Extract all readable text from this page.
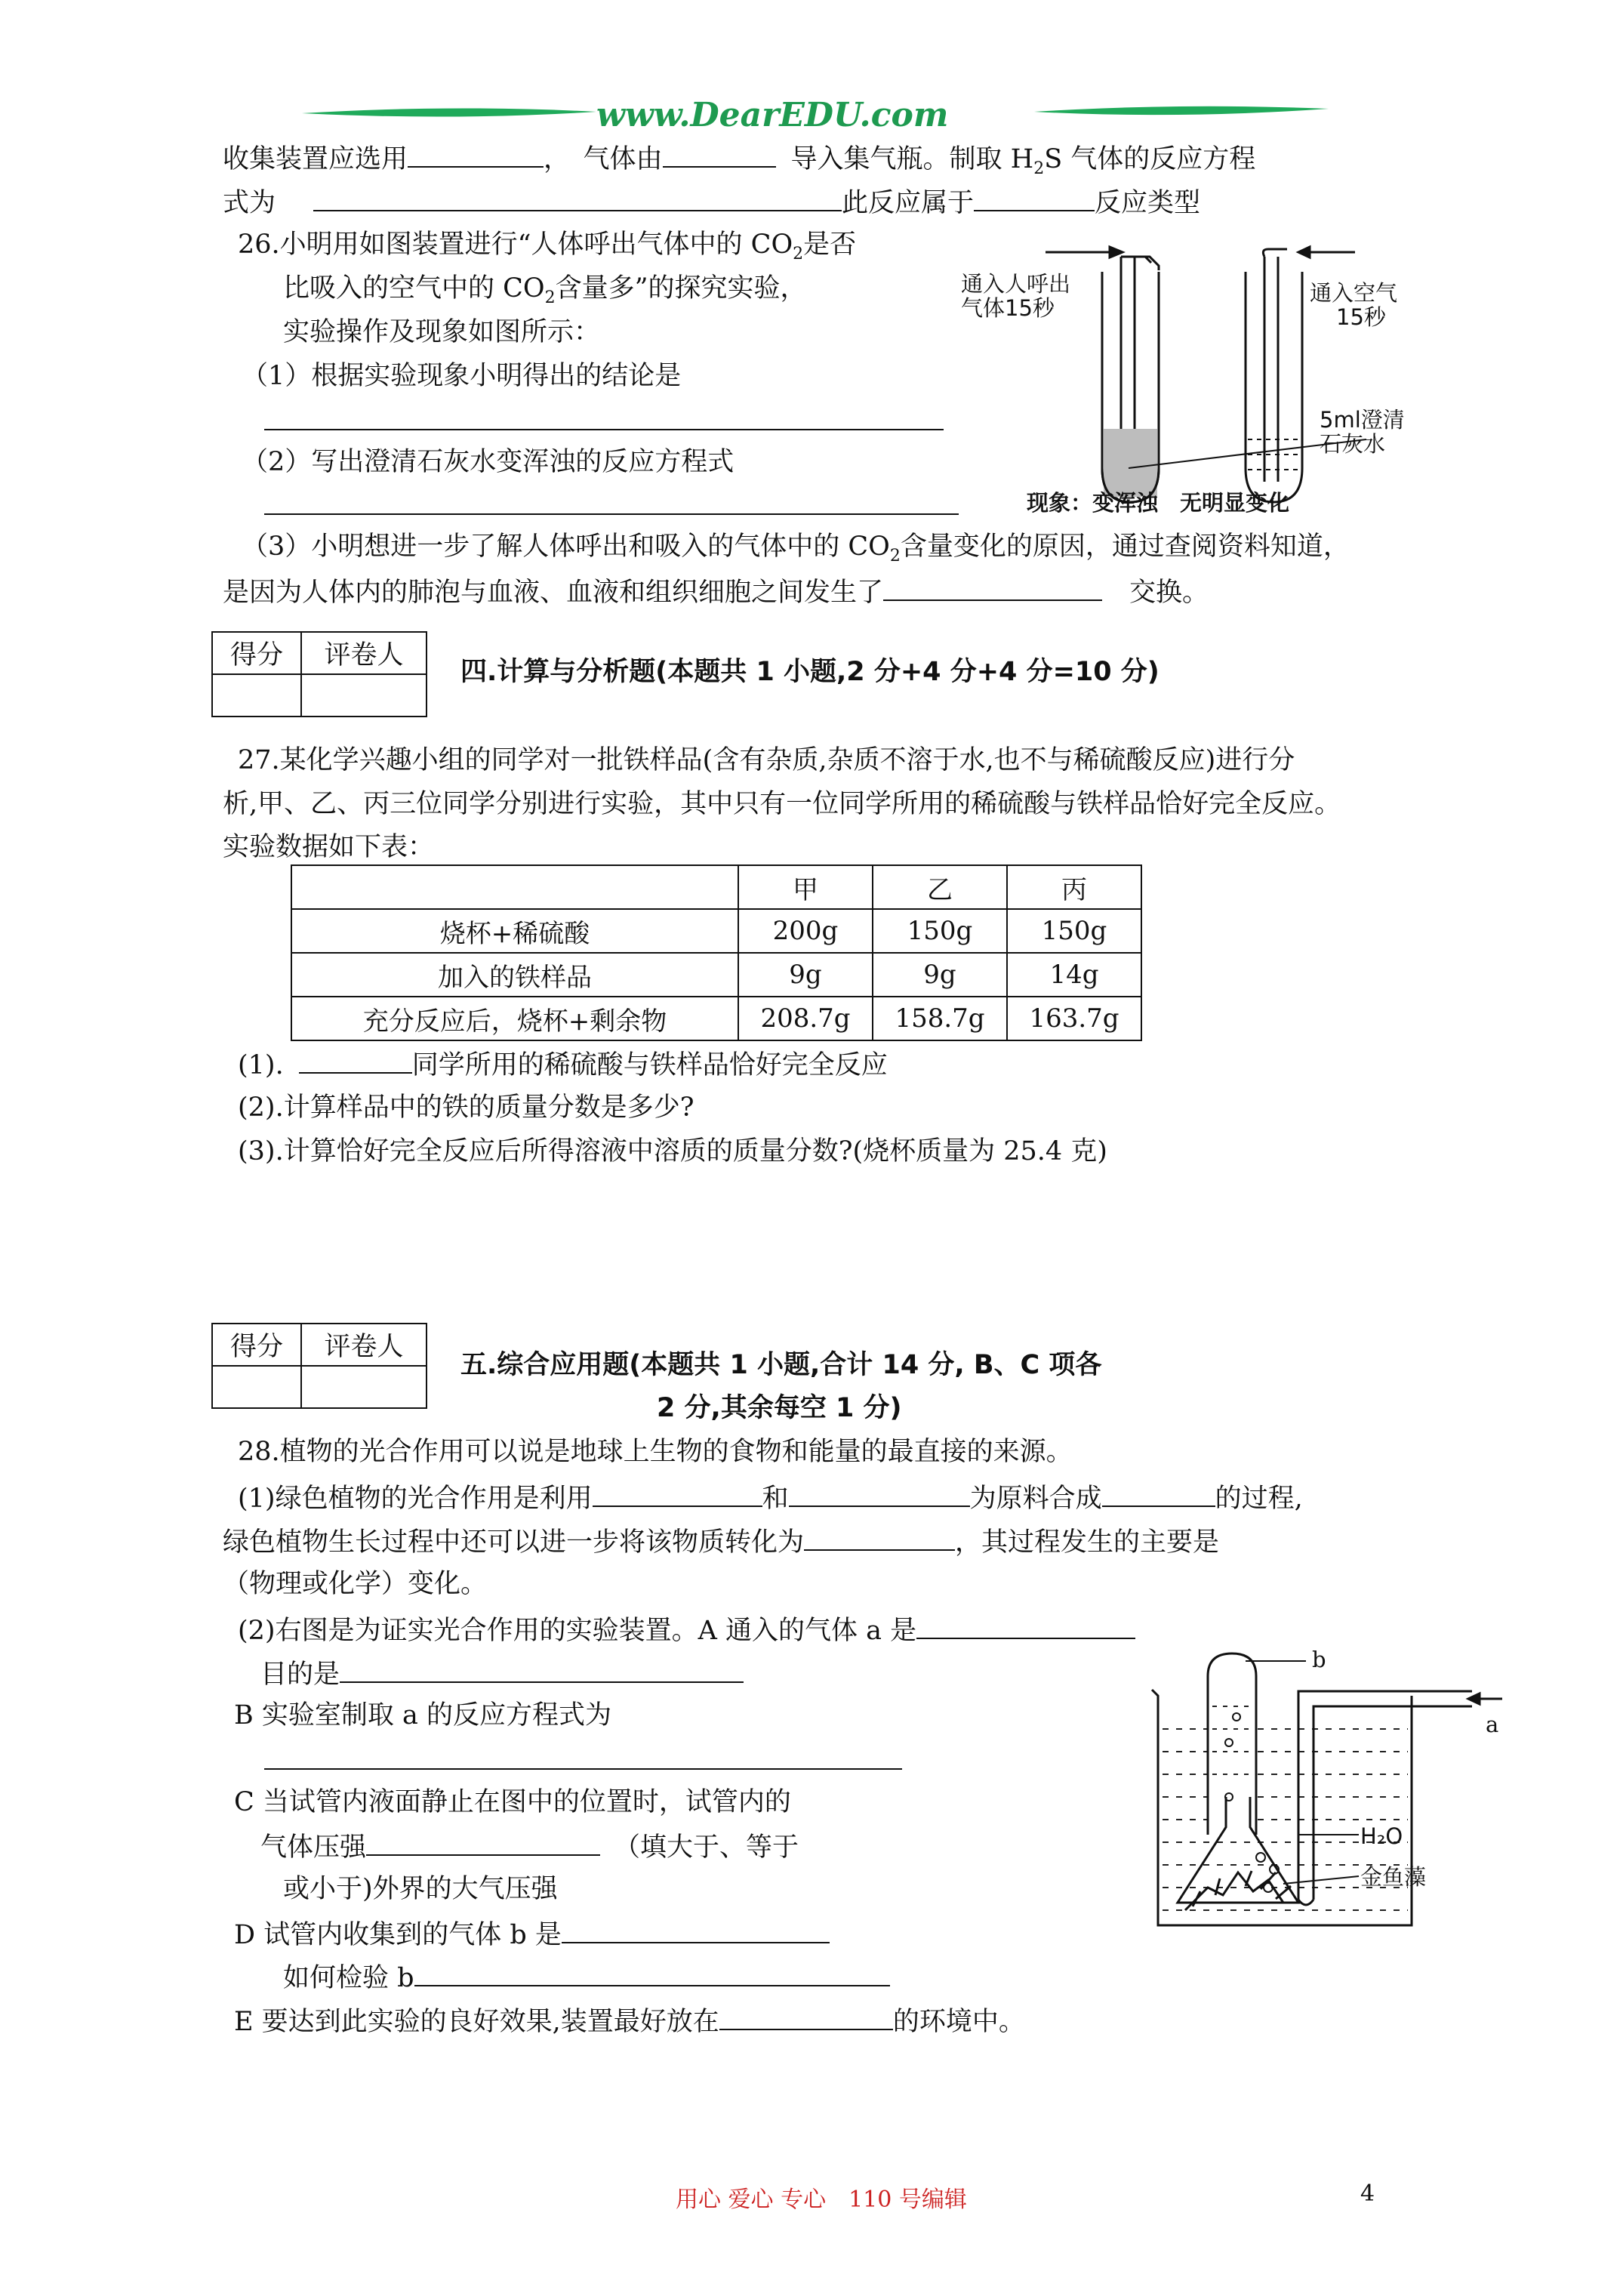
www.DearEDU.com
收集装置应选用	，　气体由	导入集气瓶。制取 $H_2S$ 气体的反应方程
式为	此反应属于	反应类型
26.小明用如图装置进行“人体呼出气体中的 $CO_2$是否
比吸入的空气中的 $CO_2$含量多”的探究实验，
实验操作及现象如图所示：
（1）根据实验现象小明得出的结论是
（2）写出澄清石灰水变浑浊的反应方程式
（3）小明想进一步了解人体呼出和吸入的气体中的 $CO_2$含量变化的原因，通过查阅资料知道，
是因为人体内的肺泡与血液、血液和组织细胞之间发生了	交换。
通入人呼出
气体15秒
通入空气
15秒
5ml澄清
石灰水
现象：变浑浊　无明显变化
得分	评卷人

四.计算与分析题(本题共 1 小题,2 分+4 分+4 分=10 分)
27.某化学兴趣小组的同学对一批铁样品(含有杂质,杂质不溶于水,也不与稀硫酸反应)进行分
析,甲、乙、丙三位同学分别进行实验，其中只有一位同学所用的稀硫酸与铁样品恰好完全反应。
实验数据如下表：
	甲	乙	丙
烧杯+稀硫酸	200g	150g	150g
加入的铁样品	9g	9g	14g
充分反应后，烧杯+剩余物	208.7g	158.7g	163.7g
(1).	同学所用的稀硫酸与铁样品恰好完全反应
(2).计算样品中的铁的质量分数是多少?
(3).计算恰好完全反应后所得溶液中溶质的质量分数?(烧杯质量为 25.4 克)
得分	评卷人

五.综合应用题(本题共 1 小题,合计 14 分, B、C 项各
2 分,其余每空 1 分)
28.植物的光合作用可以说是地球上生物的食物和能量的最直接的来源。
(1)绿色植物的光合作用是利用	和	为原料合成	的过程,
绿色植物生长过程中还可以进一步将该物质转化为	，其过程发生的主要是
（物理或化学）变化。
(2)右图是为证实光合作用的实验装置。A 通入的气体 a 是
目的是
B 实验室制取 a 的反应方程式为
C 当试管内液面静止在图中的位置时，试管内的
气体压强	（填大于、等于
或小于)外界的大气压强
D 试管内收集到的气体 b 是
如何检验 b
E 要达到此实验的良好效果,装置最好放在	的环境中。
b
a
H₂O
金鱼藻
用心 爱心 专心　110 号编辑	4
